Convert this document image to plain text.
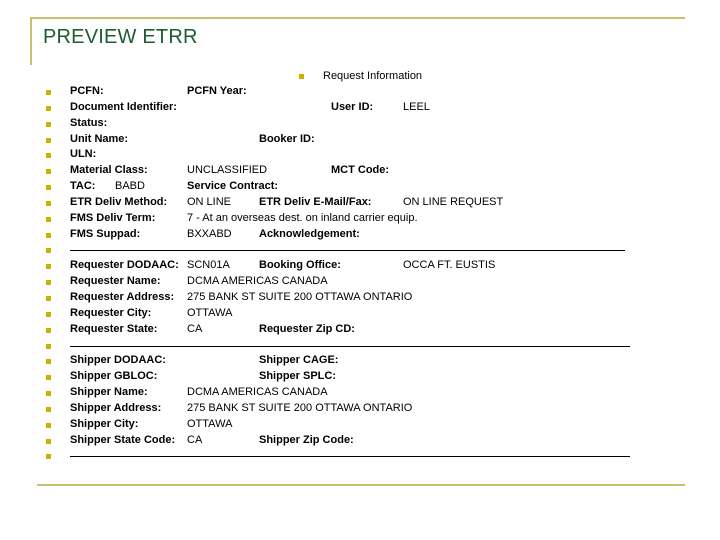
PREVIEW ETRR
Request Information
PCFN:	PCFN Year:
Document Identifier:	User ID:	LEEL
Status:
Unit Name:	Booker ID:
ULN:
Material Class:	UNCLASSIFIED	MCT Code:
TAC: BABD	Service Contract:
ETR Deliv Method: ON LINE	ETR Deliv E-Mail/Fax:	ON LINE REQUEST
FMS Deliv Term:	7 - At an overseas dest. on inland carrier equip.
FMS Suppad:	BXXABD Acknowledgement:
Requester DODAAC: SCN01A	Booking Office:	OCCA FT. EUSTIS
Requester Name: DCMA AMERICAS CANADA
Requester Address: 275 BANK ST SUITE 200 OTTAWA ONTARIO
Requester City:	OTTAWA
Requester State:	CA	Requester Zip CD:
Shipper DODAAC:	Shipper CAGE:
Shipper GBLOC:	Shipper SPLC:
Shipper Name:	DCMA AMERICAS CANADA
Shipper Address: 275 BANK ST SUITE 200 OTTAWA ONTARIO
Shipper City:	OTTAWA
Shipper State Code: CA	Shipper Zip Code:
